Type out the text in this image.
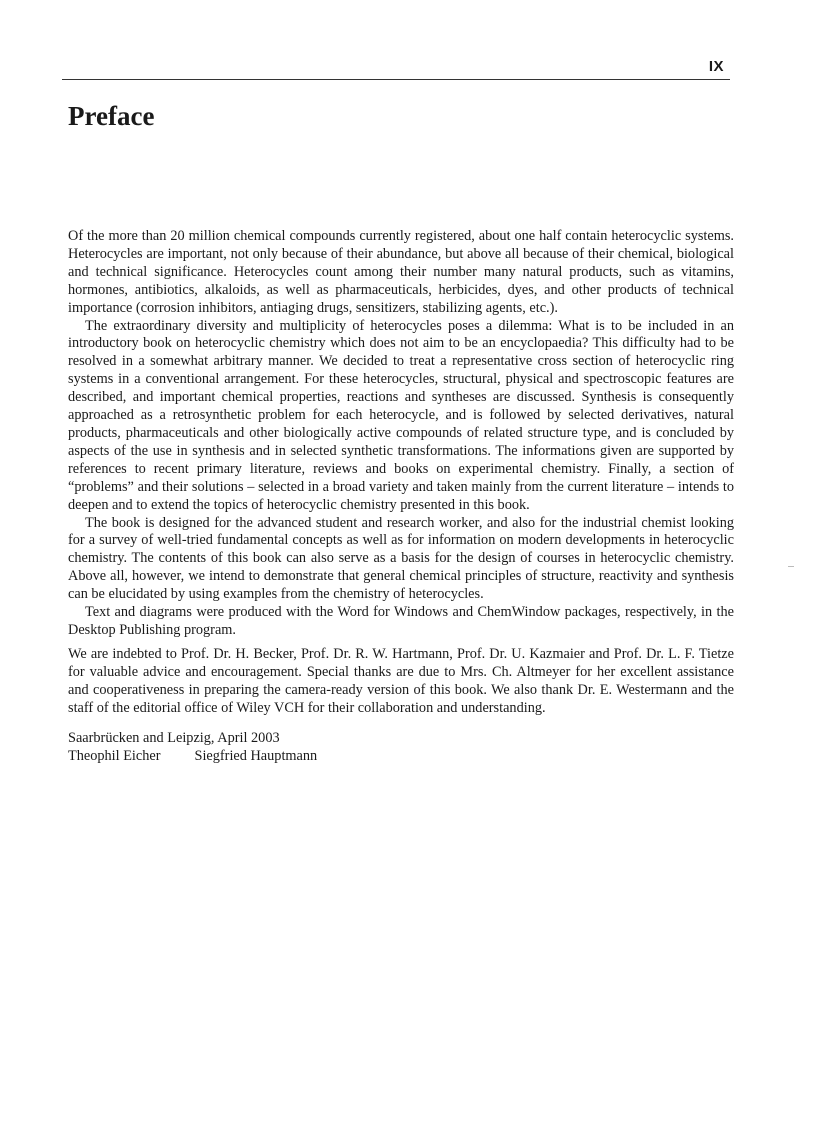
IX
Preface

Of the more than 20 million chemical compounds currently registered, about one half contain heterocyclic systems. Heterocycles are important, not only because of their abundance, but above all because of their chemical, biological and technical significance. Heterocycles count among their number many natural products, such as vitamins, hormones, antibiotics, alkaloids, as well as pharmaceuticals, herbicides, dyes, and other products of technical importance (corrosion inhibitors, antiaging drugs, sensitizers, stabilizing agents, etc.).

The extraordinary diversity and multiplicity of heterocycles poses a dilemma: What is to be included in an introductory book on heterocyclic chemistry which does not aim to be an encyclopaedia? This difficulty had to be resolved in a somewhat arbitrary manner. We decided to treat a representative cross section of heterocyclic ring systems in a conventional arrangement. For these heterocycles, structural, physical and spectroscopic features are described, and important chemical properties, reactions and syntheses are discussed. Synthesis is consequently approached as a retrosynthetic problem for each heterocycle, and is followed by selected derivatives, natural products, pharmaceuticals and other biologically active compounds of related structure type, and is concluded by aspects of the use in synthesis and in selected synthetic transformations. The informations given are supported by references to recent primary literature, reviews and books on experimental chemistry. Finally, a section of “problems” and their solutions – selected in a broad variety and taken mainly from the current literature – intends to deepen and to extend the topics of heterocyclic chemistry presented in this book.

The book is designed for the advanced student and research worker, and also for the industrial chemist looking for a survey of well-tried fundamental concepts as well as for information on modern developments in heterocyclic chemistry. The contents of this book can also serve as a basis for the design of courses in heterocyclic chemistry. Above all, however, we intend to demonstrate that general chemical principles of structure, reactivity and synthesis can be elucidated by using examples from the chemistry of heterocycles.

Text and diagrams were produced with the Word for Windows and ChemWindow packages, respectively, in the Desktop Publishing program.

We are indebted to Prof. Dr. H. Becker, Prof. Dr. R. W. Hartmann, Prof. Dr. U. Kazmaier and Prof. Dr. L. F. Tietze for valuable advice and encouragement. Special thanks are due to Mrs. Ch. Altmeyer for her excellent assistance and cooperativeness in preparing the camera-ready version of this book. We also thank Dr. E. Westermann and the staff of the editorial office of Wiley VCH for their collaboration and understanding.

Saarbrücken and Leipzig, April 2003

Theophil Eicher Siegfried Hauptmann
